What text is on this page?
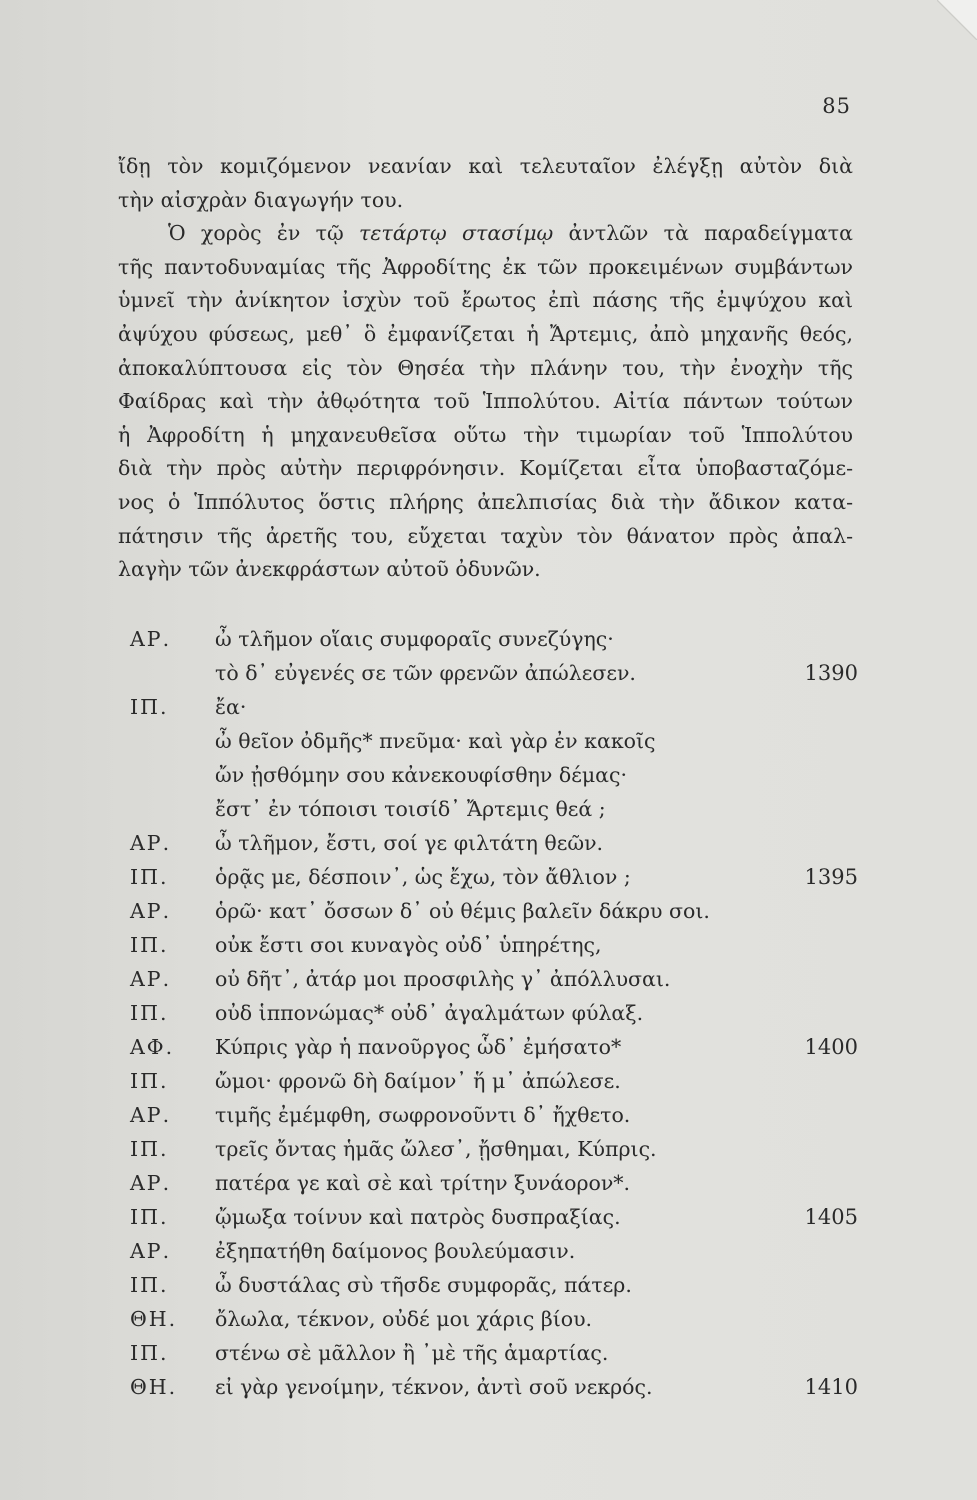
85
ἴδῃ τὸν κομιζόμενον νεανίαν καὶ τελευταῖον ἐλέγξῃ αὐτὸν διὰ
τὴν αἰσχρὰν διαγωγήν του.
Ὁ χορὸς ἐν τῷ τετάρτῳ στασίμῳ ἀντλῶν τὰ παραδείγματα
τῆς παντοδυναμίας τῆς Ἀφροδίτης ἐκ τῶν προκειμένων συμβάντων
ὑμνεῖ τὴν ἀνίκητον ἰσχὺν τοῦ ἔρωτος ἐπὶ πάσης τῆς ἐμψύχου καὶ
ἀψύχου φύσεως, μεθ᾿ ὃ ἐμφανίζεται ἡ Ἄρτεμις, ἀπὸ μηχανῆς θεός,
ἀποκαλύπτουσα εἰς τὸν Θησέα τὴν πλάνην του, τὴν ἐνοχὴν τῆς
Φαίδρας καὶ τὴν ἀθῳότητα τοῦ Ἱππολύτου. Αἰτία πάντων τούτων
ἡ Ἀφροδίτη ἡ μηχανευθεῖσα οὕτω τὴν τιμωρίαν τοῦ Ἱππολύτου
διὰ τὴν πρὸς αὐτὴν περιφρόνησιν. Κομίζεται εἶτα ὑποβασταζόμε-
νος ὁ Ἱππόλυτος ὅστις πλήρης ἀπελπισίας διὰ τὴν ἄδικον κατα-
πάτησιν τῆς ἀρετῆς του, εὔχεται ταχὺν τὸν θάνατον πρὸς ἀπαλ-
λαγὴν τῶν ἀνεκφράστων αὐτοῦ ὀδυνῶν.
ΑΡ. ὦ τλῆμον οἵαις συμφοραῖς συνεζύγης·
τὸ δ᾿ εὐγενές σε τῶν φρενῶν ἀπώλεσεν.	1390
ΙΠ. ἔα·
ὦ θεῖον ὀδμῆς* πνεῦμα· καὶ γὰρ ἐν κακοῖς
ὤν ᾐσθόμην σου κἀνεκουφίσθην δέμας·
ἔστ᾿ ἐν τόποισι τοισίδ᾿ Ἄρτεμις θεά ;
ΑΡ. ὦ τλῆμον, ἔστι, σοί γε φιλτάτη θεῶν.
ΙΠ. ὁρᾷς με, δέσποιν᾿, ὡς ἔχω, τὸν ἄθλιον ;	1395
ΑΡ. ὁρῶ· κατ᾿ ὄσσων δ᾿ οὐ θέμις βαλεῖν δάκρυ σοι.
ΙΠ. οὐκ ἔστι σοι κυναγὸς οὐδ᾿ ὑπηρέτης,
ΑΡ. οὐ δῆτ᾿, ἀτάρ μοι προσφιλὴς γ᾿ ἀπόλλυσαι.
ΙΠ. οὐδ ἱππονώμας* οὐδ᾿ ἀγαλμάτων φύλαξ.
ΑΦ. Κύπρις γὰρ ἡ πανοῦργος ὧδ᾿ ἐμήσατο*	1400
ΙΠ. ὤμοι· φρονῶ δὴ δαίμον᾿ ἥ μ᾿ ἀπώλεσε.
ΑΡ. τιμῆς ἐμέμφθη, σωφρονοῦντι δ᾿ ἤχθετο.
ΙΠ. τρεῖς ὄντας ἡμᾶς ὤλεσ᾿, ᾔσθημαι, Κύπρις.
ΑΡ. πατέρα γε καὶ σὲ καὶ τρίτην ξυνάορον*.
ΙΠ. ᾤμωξα τοίνυν καὶ πατρὸς δυσπραξίας.	1405
ΑΡ. ἐξηπατήθη δαίμονος βουλεύμασιν.
ΙΠ. ὦ δυστάλας σὺ τῆσδε συμφορᾶς, πάτερ.
ΘΗ. ὄλωλα, τέκνον, οὐδέ μοι χάρις βίου.
ΙΠ. στένω σὲ μᾶλλον ἢ ᾿μὲ τῆς ἁμαρτίας.
ΘΗ. εἰ γὰρ γενοίμην, τέκνον, ἀντὶ σοῦ νεκρός.	1410
